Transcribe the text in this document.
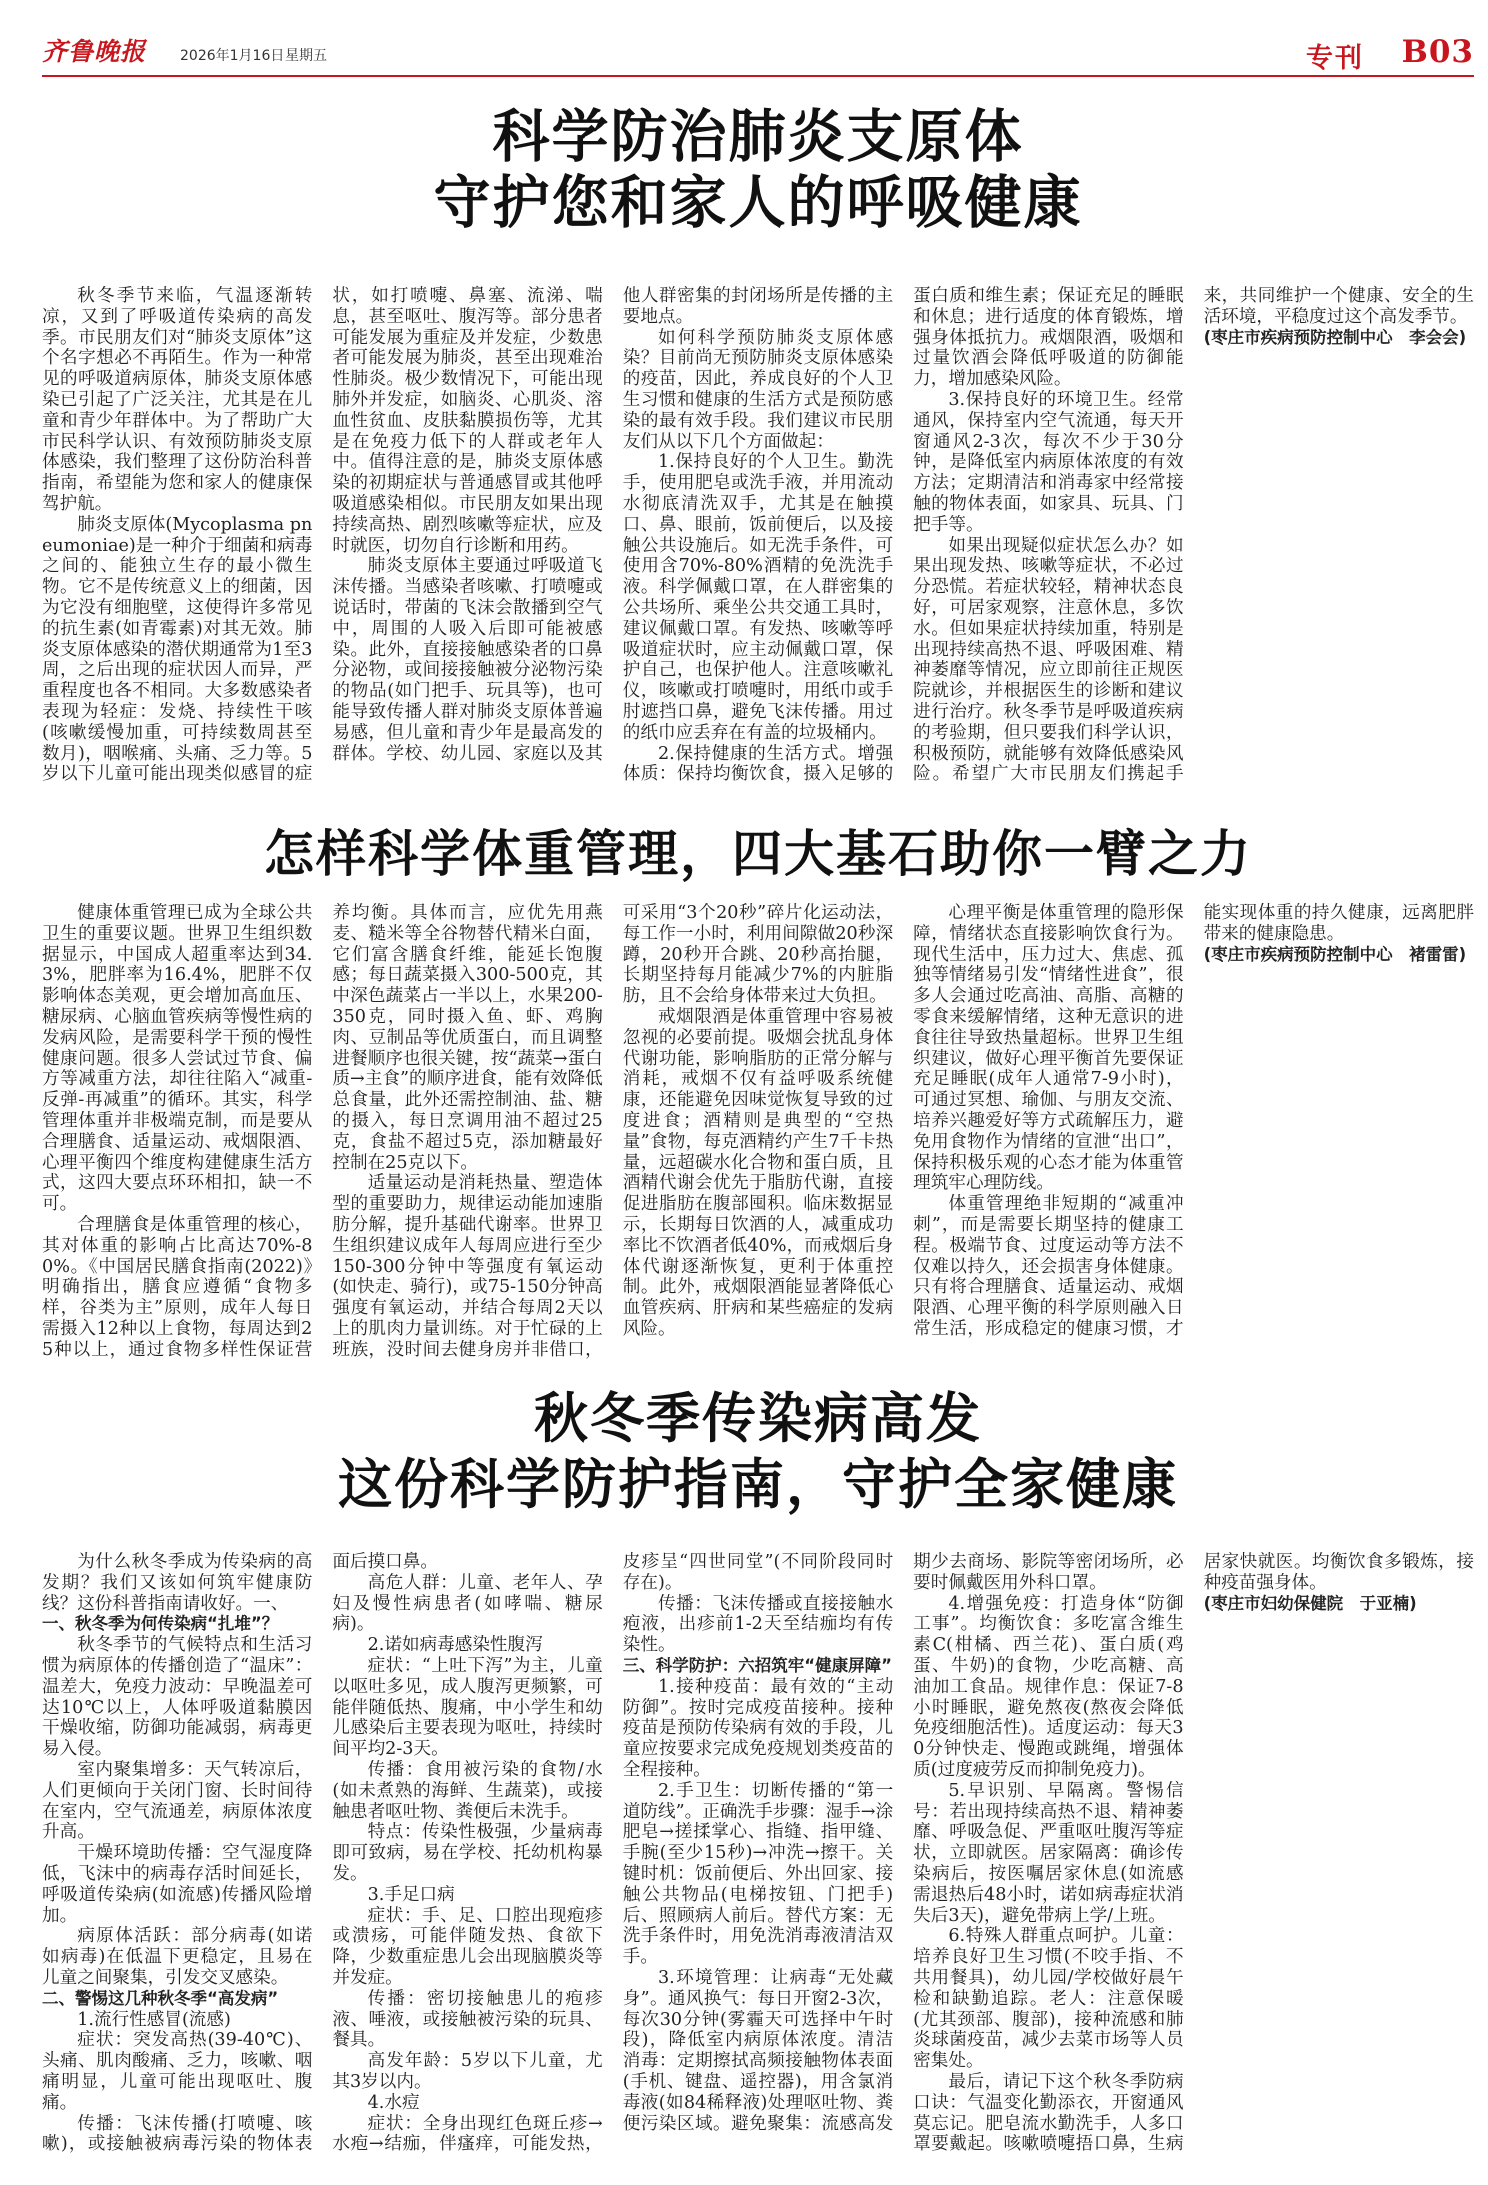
齐鲁晚报 2026年1月16日 星期五	专刊 B03
科学防治肺炎支原体
守护您和家人的呼吸健康

秋冬季节来临，气温逐渐转凉，又到了呼吸道传染病的高发季。市民朋友们对“肺炎支原体”这个名字想必不再陌生。作为一种常见的呼吸道病原体，肺炎支原体感染已引起了广泛关注，尤其是在儿童和青少年群体中。为了帮助广大市民科学认识、有效预防肺炎支原体感染，我们整理了这份防治科普指南，希望能为您和家人的健康保驾护航。

肺炎支原体(Mycoplasma pneumoniae)是一种介于细菌和病毒之间的、能独立生存的最小微生物。它不是传统意义上的细菌，因为它没有细胞壁，这使得许多常见的抗生素(如青霉素)对其无效。肺炎支原体感染的潜伏期通常为1至3周，之后出现的症状因人而异，严重程度也各不相同。大多数感染者表现为轻症：发烧、持续性干咳(咳嗽缓慢加重，可持续数周甚至数月)，咽喉痛、头痛、乏力等。5岁以下儿童可能出现类似感冒的症状，如打喷嚏、鼻塞、流涕、喘息，甚至呕吐、腹泻等。部分患者可能发展为重症及并发症，少数患者可能发展为肺炎，甚至出现难治性肺炎。极少数情况下，可能出现肺外并发症，如脑炎、心肌炎、溶血性贫血、皮肤黏膜损伤等，尤其是在免疫力低下的人群或老年人中。值得注意的是，肺炎支原体感染的初期症状与普通感冒或其他呼吸道感染相似。市民朋友如果出现持续高热、剧烈咳嗽等症状，应及时就医，切勿自行诊断和用药。

肺炎支原体主要通过呼吸道飞沫传播。当感染者咳嗽、打喷嚏或说话时，带菌的飞沫会散播到空气中，周围的人吸入后即可能被感染。此外，直接接触感染者的口鼻分泌物，或间接接触被分泌物污染的物品(如门把手、玩具等)，也可能导致传播人群对肺炎支原体普遍易感，但儿童和青少年是最高发的群体。学校、幼儿园、家庭以及其他人群密集的封闭场所是传播的主要地点。

如何科学预防肺炎支原体感染？目前尚无预防肺炎支原体感染的疫苗，因此，养成良好的个人卫生习惯和健康的生活方式是预防感染的最有效手段。我们建议市民朋友们从以下几个方面做起：

1.保持良好的个人卫生。勤洗手，使用肥皂或洗手液，并用流动水彻底清洗双手，尤其是在触摸口、鼻、眼前，饭前便后，以及接触公共设施后。如无洗手条件，可使用含70%-80%酒精的免洗洗手液。科学佩戴口罩，在人群密集的公共场所、乘坐公共交通工具时，建议佩戴口罩。有发热、咳嗽等呼吸道症状时，应主动佩戴口罩，保护自己，也保护他人。注意咳嗽礼仪，咳嗽或打喷嚏时，用纸巾或手肘遮挡口鼻，避免飞沫传播。用过的纸巾应丢弃在有盖的垃圾桶内。

2.保持健康的生活方式。增强体质：保持均衡饮食，摄入足够的蛋白质和维生素；保证充足的睡眠和休息；进行适度的体育锻炼，增强身体抵抗力。戒烟限酒，吸烟和过量饮酒会降低呼吸道的防御能力，增加感染风险。

3.保持良好的环境卫生。经常通风，保持室内空气流通，每天开窗通风2-3次，每次不少于30分钟，是降低室内病原体浓度的有效方法；定期清洁和消毒家中经常接触的物体表面，如家具、玩具、门把手等。

如果出现疑似症状怎么办？如果出现发热、咳嗽等症状，不必过分恐慌。若症状较轻，精神状态良好，可居家观察，注意休息，多饮水。但如果症状持续加重，特别是出现持续高热不退、呼吸困难、精神萎靡等情况，应立即前往正规医院就诊，并根据医生的诊断和建议进行治疗。秋冬季节是呼吸道疾病的考验期，但只要我们科学认识，积极预防，就能够有效降低感染风险。希望广大市民朋友们携起手来，共同维护一个健康、安全的生活环境，平稳度过这个高发季节。

(枣庄市疾病预防控制中心　李会会)

怎样科学体重管理，四大基石助你一臂之力

健康体重管理已成为全球公共卫生的重要议题。世界卫生组织数据显示，中国成人超重率达到34.3%，肥胖率为16.4%，肥胖不仅影响体态美观，更会增加高血压、糖尿病、心脑血管疾病等慢性病的发病风险，是需要科学干预的慢性健康问题。很多人尝试过节食、偏方等减重方法，却往往陷入“减重-反弹-再减重”的循环。其实，科学管理体重并非极端克制，而是要从合理膳食、适量运动、戒烟限酒、心理平衡四个维度构建健康生活方式，这四大要点环环相扣，缺一不可。

合理膳食是体重管理的核心，其对体重的影响占比高达70%-80%。《中国居民膳食指南(2022)》明确指出，膳食应遵循“食物多样，谷类为主”原则，成年人每日需摄入12种以上食物，每周达到25种以上，通过食物多样性保证营养均衡。具体而言，应优先用燕麦、糙米等全谷物替代精米白面，它们富含膳食纤维，能延长饱腹感；每日蔬菜摄入300-500克，其中深色蔬菜占一半以上，水果200-350克，同时摄入鱼、虾、鸡胸肉、豆制品等优质蛋白，而且调整进餐顺序也很关键，按“蔬菜→蛋白质→主食”的顺序进食，能有效降低总食量，此外还需控制油、盐、糖的摄入，每日烹调用油不超过25克，食盐不超过5克，添加糖最好控制在25克以下。

适量运动是消耗热量、塑造体型的重要助力，规律运动能加速脂肪分解，提升基础代谢率。世界卫生组织建议成年人每周应进行至少150-300分钟中等强度有氧运动(如快走、骑行)，或75-150分钟高强度有氧运动，并结合每周2天以上的肌肉力量训练。对于忙碌的上班族，没时间去健身房并非借口，可采用“3个20秒”碎片化运动法，每工作一小时，利用间隙做20秒深蹲，20秒开合跳、20秒高抬腿，长期坚持每月能减少7%的内脏脂肪，且不会给身体带来过大负担。

戒烟限酒是体重管理中容易被忽视的必要前提。吸烟会扰乱身体代谢功能，影响脂肪的正常分解与消耗，戒烟不仅有益呼吸系统健康，还能避免因味觉恢复导致的过度进食；酒精则是典型的“空热量”食物，每克酒精约产生7千卡热量，远超碳水化合物和蛋白质，且酒精代谢会优先于脂肪代谢，直接促进脂肪在腹部囤积。临床数据显示，长期每日饮酒的人，减重成功率比不饮酒者低40%，而戒烟后身体代谢逐渐恢复，更利于体重控制。此外，戒烟限酒能显著降低心血管疾病、肝病和某些癌症的发病风险。

心理平衡是体重管理的隐形保障，情绪状态直接影响饮食行为。现代生活中，压力过大、焦虑、孤独等情绪易引发“情绪性进食”，很多人会通过吃高油、高脂、高糖的零食来缓解情绪，这种无意识的进食往往导致热量超标。世界卫生组织建议，做好心理平衡首先要保证充足睡眠(成年人通常7-9小时)，可通过冥想、瑜伽、与朋友交流、培养兴趣爱好等方式疏解压力，避免用食物作为情绪的宣泄“出口”，保持积极乐观的心态才能为体重管理筑牢心理防线。

体重管理绝非短期的“减重冲刺”，而是需要长期坚持的健康工程。极端节食、过度运动等方法不仅难以持久，还会损害身体健康。只有将合理膳食、适量运动、戒烟限酒、心理平衡的科学原则融入日常生活，形成稳定的健康习惯，才能实现体重的持久健康，远离肥胖带来的健康隐患。

(枣庄市疾病预防控制中心　褚雷雷)

秋冬季传染病高发
这份科学防护指南，守护全家健康

为什么秋冬季成为传染病的高发期？我们又该如何筑牢健康防线？这份科普指南请收好。一、

一、秋冬季为何传染病“扎堆”？

秋冬季节的气候特点和生活习惯为病原体的传播创造了“温床”：温差大，免疫力波动：早晚温差可达10℃以上，人体呼吸道黏膜因干燥收缩，防御功能减弱，病毒更易入侵。

室内聚集增多：天气转凉后，人们更倾向于关闭门窗、长时间待在室内，空气流通差，病原体浓度升高。

干燥环境助传播：空气湿度降低，飞沫中的病毒存活时间延长，呼吸道传染病(如流感)传播风险增加。

病原体活跃：部分病毒(如诺如病毒)在低温下更稳定，且易在儿童之间聚集，引发交叉感染。

二、警惕这几种秋冬季“高发病”

1.流行性感冒(流感)

症状：突发高热(39-40℃)、头痛、肌肉酸痛、乏力，咳嗽、咽痛明显，儿童可能出现呕吐、腹痛。

传播：飞沫传播(打喷嚏、咳嗽)，或接触被病毒污染的物体表面后摸口鼻。

高危人群：儿童、老年人、孕妇及慢性病患者(如哮喘、糖尿病)。

2.诺如病毒感染性腹泻

症状：“上吐下泻”为主，儿童以呕吐多见，成人腹泻更频繁，可能伴随低热、腹痛，中小学生和幼儿感染后主要表现为呕吐，持续时间平均2-3天。

传播：食用被污染的食物/水(如未煮熟的海鲜、生蔬菜)，或接触患者呕吐物、粪便后未洗手。

特点：传染性极强，少量病毒即可致病，易在学校、托幼机构暴发。

3.手足口病

症状：手、足、口腔出现疱疹或溃疡，可能伴随发热、食欲下降，少数重症患儿会出现脑膜炎等并发症。

传播：密切接触患儿的疱疹液、唾液，或接触被污染的玩具、餐具。

高发年龄：5岁以下儿童，尤其3岁以内。

4.水痘

症状：全身出现红色斑丘疹→水疱→结痂，伴瘙痒，可能发热，皮疹呈“四世同堂”(不同阶段同时存在)。

传播：飞沫传播或直接接触水疱液，出疹前1-2天至结痂均有传染性。

三、科学防护：六招筑牢“健康屏障”

1.接种疫苗：最有效的“主动防御”。按时完成疫苗接种。接种疫苗是预防传染病有效的手段，儿童应按要求完成免疫规划类疫苗的全程接种。

2.手卫生：切断传播的“第一道防线”。正确洗手步骤：湿手→涂肥皂→搓揉掌心、指缝、指甲缝、手腕(至少15秒)→冲洗→擦干。关键时机：饭前便后、外出回家、接触公共物品(电梯按钮、门把手)后、照顾病人前后。替代方案：无洗手条件时，用免洗消毒液清洁双手。

3.环境管理：让病毒“无处藏身”。通风换气：每日开窗2-3次，每次30分钟(雾霾天可选择中午时段)，降低室内病原体浓度。清洁消毒：定期擦拭高频接触物体表面(手机、键盘、遥控器)，用含氯消毒液(如84稀释液)处理呕吐物、粪便污染区域。避免聚集：流感高发期少去商场、影院等密闭场所，必要时佩戴医用外科口罩。

4.增强免疫：打造身体“防御工事”。均衡饮食：多吃富含维生素C(柑橘、西兰花)、蛋白质(鸡蛋、牛奶)的食物，少吃高糖、高油加工食品。规律作息：保证7-8小时睡眠，避免熬夜(熬夜会降低免疫细胞活性)。适度运动：每天30分钟快走、慢跑或跳绳，增强体质(过度疲劳反而抑制免疫力)。

5.早识别、早隔离。警惕信号：若出现持续高热不退、精神萎靡、呼吸急促、严重呕吐腹泻等症状，立即就医。居家隔离：确诊传染病后，按医嘱居家休息(如流感需退热后48小时，诺如病毒症状消失后3天)，避免带病上学/上班。

6.特殊人群重点呵护。儿童：培养良好卫生习惯(不咬手指、不共用餐具)，幼儿园/学校做好晨午检和缺勤追踪。老人：注意保暖(尤其颈部、腹部)，接种流感和肺炎球菌疫苗，减少去菜市场等人员密集处。

最后，请记下这个秋冬季防病口诀：气温变化勤添衣，开窗通风莫忘记。肥皂流水勤洗手，人多口罩要戴起。咳嗽喷嚏捂口鼻，生病居家快就医。均衡饮食多锻炼，接种疫苗强身体。

(枣庄市妇幼保健院　于亚楠)
